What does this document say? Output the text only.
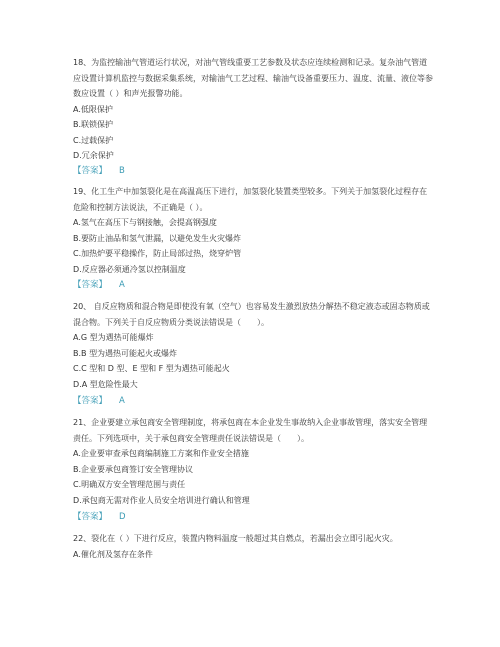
18、为监控输油气管道运行状况，对油气管线重要工艺参数及状态应连续检测和记录。复杂油气管道应设置计算机监控与数据采集系统，对输油气工艺过程、输油气设备重要压力、温度、流量、液位等参数应设置（ ）和声光报警功能。

A.低限保护

B.联锁保护

C.过载保护

D.冗余保护

【答案】 B

19、化工生产中加氢裂化是在高温高压下进行，加氢裂化装置类型较多。下列关于加氢裂化过程存在危险和控制方法说法，不正确是（ ）。

A.氢气在高压下与钢接触，会提高钢强度

B.要防止油品和氢气泄漏，以避免发生火灾爆炸

C.加热炉要平稳操作，防止局部过热，烧穿炉管

D.反应器必须通冷氢以控制温度

【答案】 A

20、 自反应物质和混合物是即使没有氧（空气）也容易发生激烈放热分解热不稳定液态或固态物质或混合物。下列关于自反应物质分类说法错误是（　　）。

A.G 型为遇热可能爆炸

B.B 型为遇热可能起火或爆炸

C.C 型和 D 型、E 型和 F 型为遇热可能起火

D.A 型危险性最大

【答案】 A

21、企业要建立承包商安全管理制度，将承包商在本企业发生事故纳入企业事故管理，落实安全管理责任。下列选项中，关于承包商安全管理责任说法错误是（　　）。

A.企业要审查承包商编制施工方案和作业安全措施

B.企业要承包商签订安全管理协议

C.明确双方安全管理范围与责任

D.承包商无需对作业人员安全培训进行确认和管理

【答案】 D

22、裂化在（ ）下进行反应，装置内物料温度一般超过其自燃点，若漏出会立即引起火灾。

A.催化剂及氢存在条件
